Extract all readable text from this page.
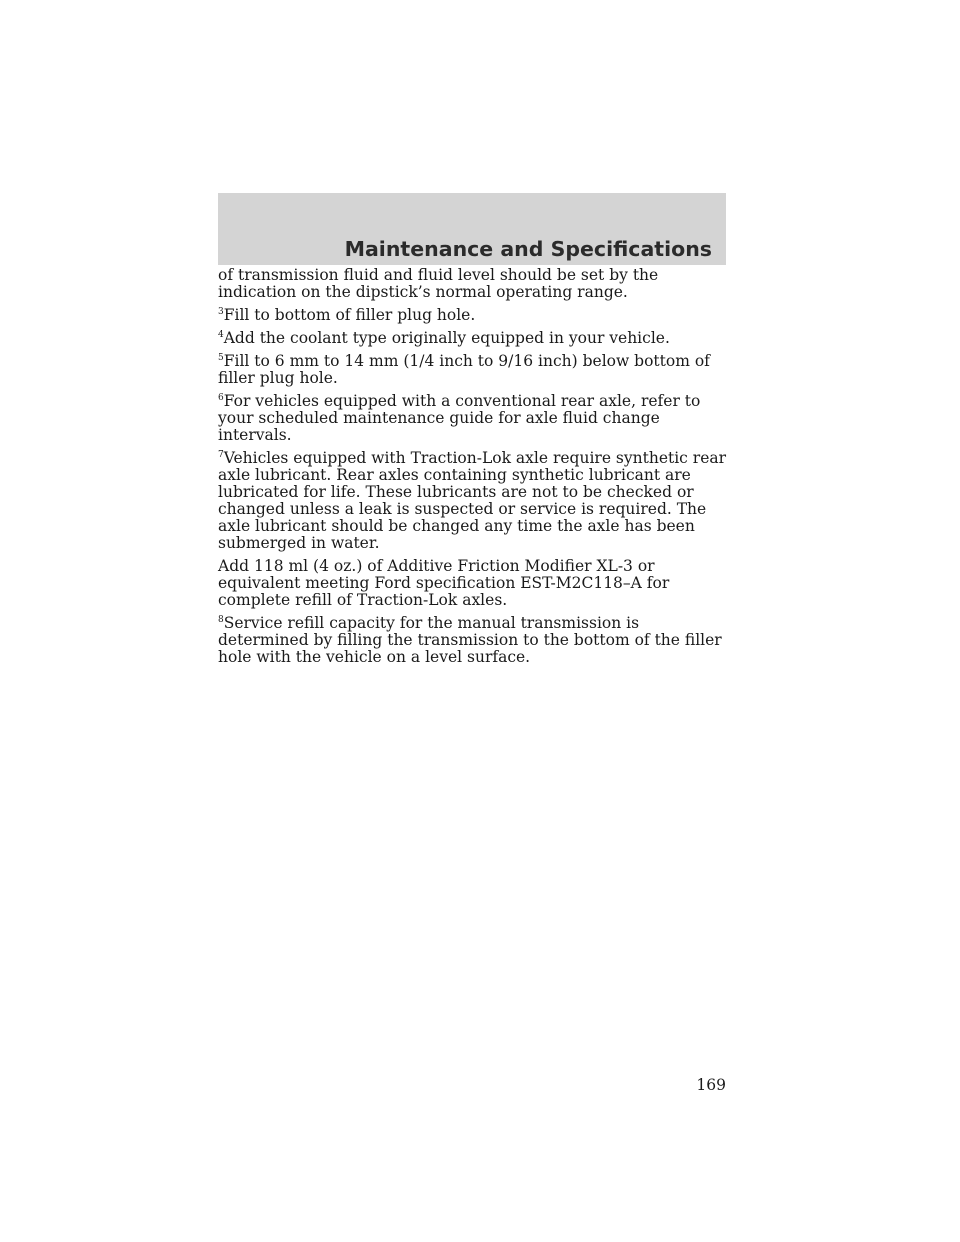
Maintenance and Specifications

of transmission fluid and fluid level should be set by the indication on the dipstick’s normal operating range.

$^3$Fill to bottom of filler plug hole.

$^4$Add the coolant type originally equipped in your vehicle.

$^5$Fill to 6 mm to 14 mm (1/4 inch to 9/16 inch) below bottom of filler plug hole.

$^6$For vehicles equipped with a conventional rear axle, refer to your scheduled maintenance guide for axle fluid change intervals.

$^7$Vehicles equipped with Traction-Lok axle require synthetic rear axle lubricant. Rear axles containing synthetic lubricant are lubricated for life. These lubricants are not to be checked or changed unless a leak is suspected or service is required. The axle lubricant should be changed any time the axle has been submerged in water.

Add 118 ml (4 oz.) of Additive Friction Modifier XL-3 or equivalent meeting Ford specification EST-M2C118–A for complete refill of Traction-Lok axles.

$^8$Service refill capacity for the manual transmission is determined by filling the transmission to the bottom of the filler hole with the vehicle on a level surface.

169
